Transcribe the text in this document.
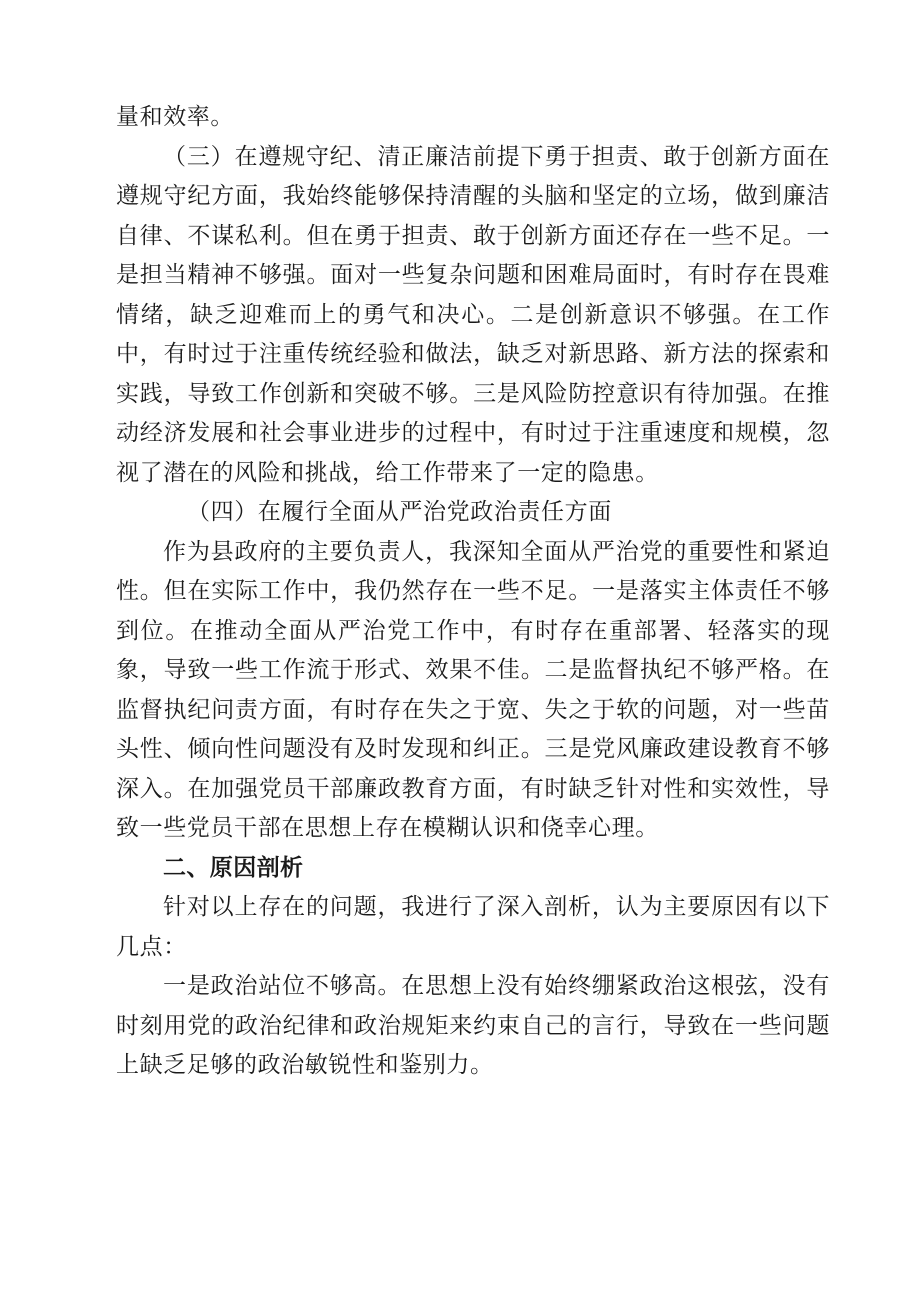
量和效率。

（三）在遵规守纪、清正廉洁前提下勇于担责、敢于创新方面在遵规守纪方面，我始终能够保持清醒的头脑和坚定的立场，做到廉洁自律、不谋私利。但在勇于担责、敢于创新方面还存在一些不足。一是担当精神不够强。面对一些复杂问题和困难局面时，有时存在畏难情绪，缺乏迎难而上的勇气和决心。二是创新意识不够强。在工作中，有时过于注重传统经验和做法，缺乏对新思路、新方法的探索和实践，导致工作创新和突破不够。三是风险防控意识有待加强。在推动经济发展和社会事业进步的过程中，有时过于注重速度和规模，忽视了潜在的风险和挑战，给工作带来了一定的隐患。

（四）在履行全面从严治党政治责任方面

作为县政府的主要负责人，我深知全面从严治党的重要性和紧迫性。但在实际工作中，我仍然存在一些不足。一是落实主体责任不够到位。在推动全面从严治党工作中，有时存在重部署、轻落实的现象，导致一些工作流于形式、效果不佳。二是监督执纪不够严格。在监督执纪问责方面，有时存在失之于宽、失之于软的问题，对一些苗头性、倾向性问题没有及时发现和纠正。三是党风廉政建设教育不够深入。在加强党员干部廉政教育方面，有时缺乏针对性和实效性，导致一些党员干部在思想上存在模糊认识和侥幸心理。

二、原因剖析

针对以上存在的问题，我进行了深入剖析，认为主要原因有以下几点：

一是政治站位不够高。在思想上没有始终绷紧政治这根弦，没有时刻用党的政治纪律和政治规矩来约束自己的言行，导致在一些问题上缺乏足够的政治敏锐性和鉴别力。
